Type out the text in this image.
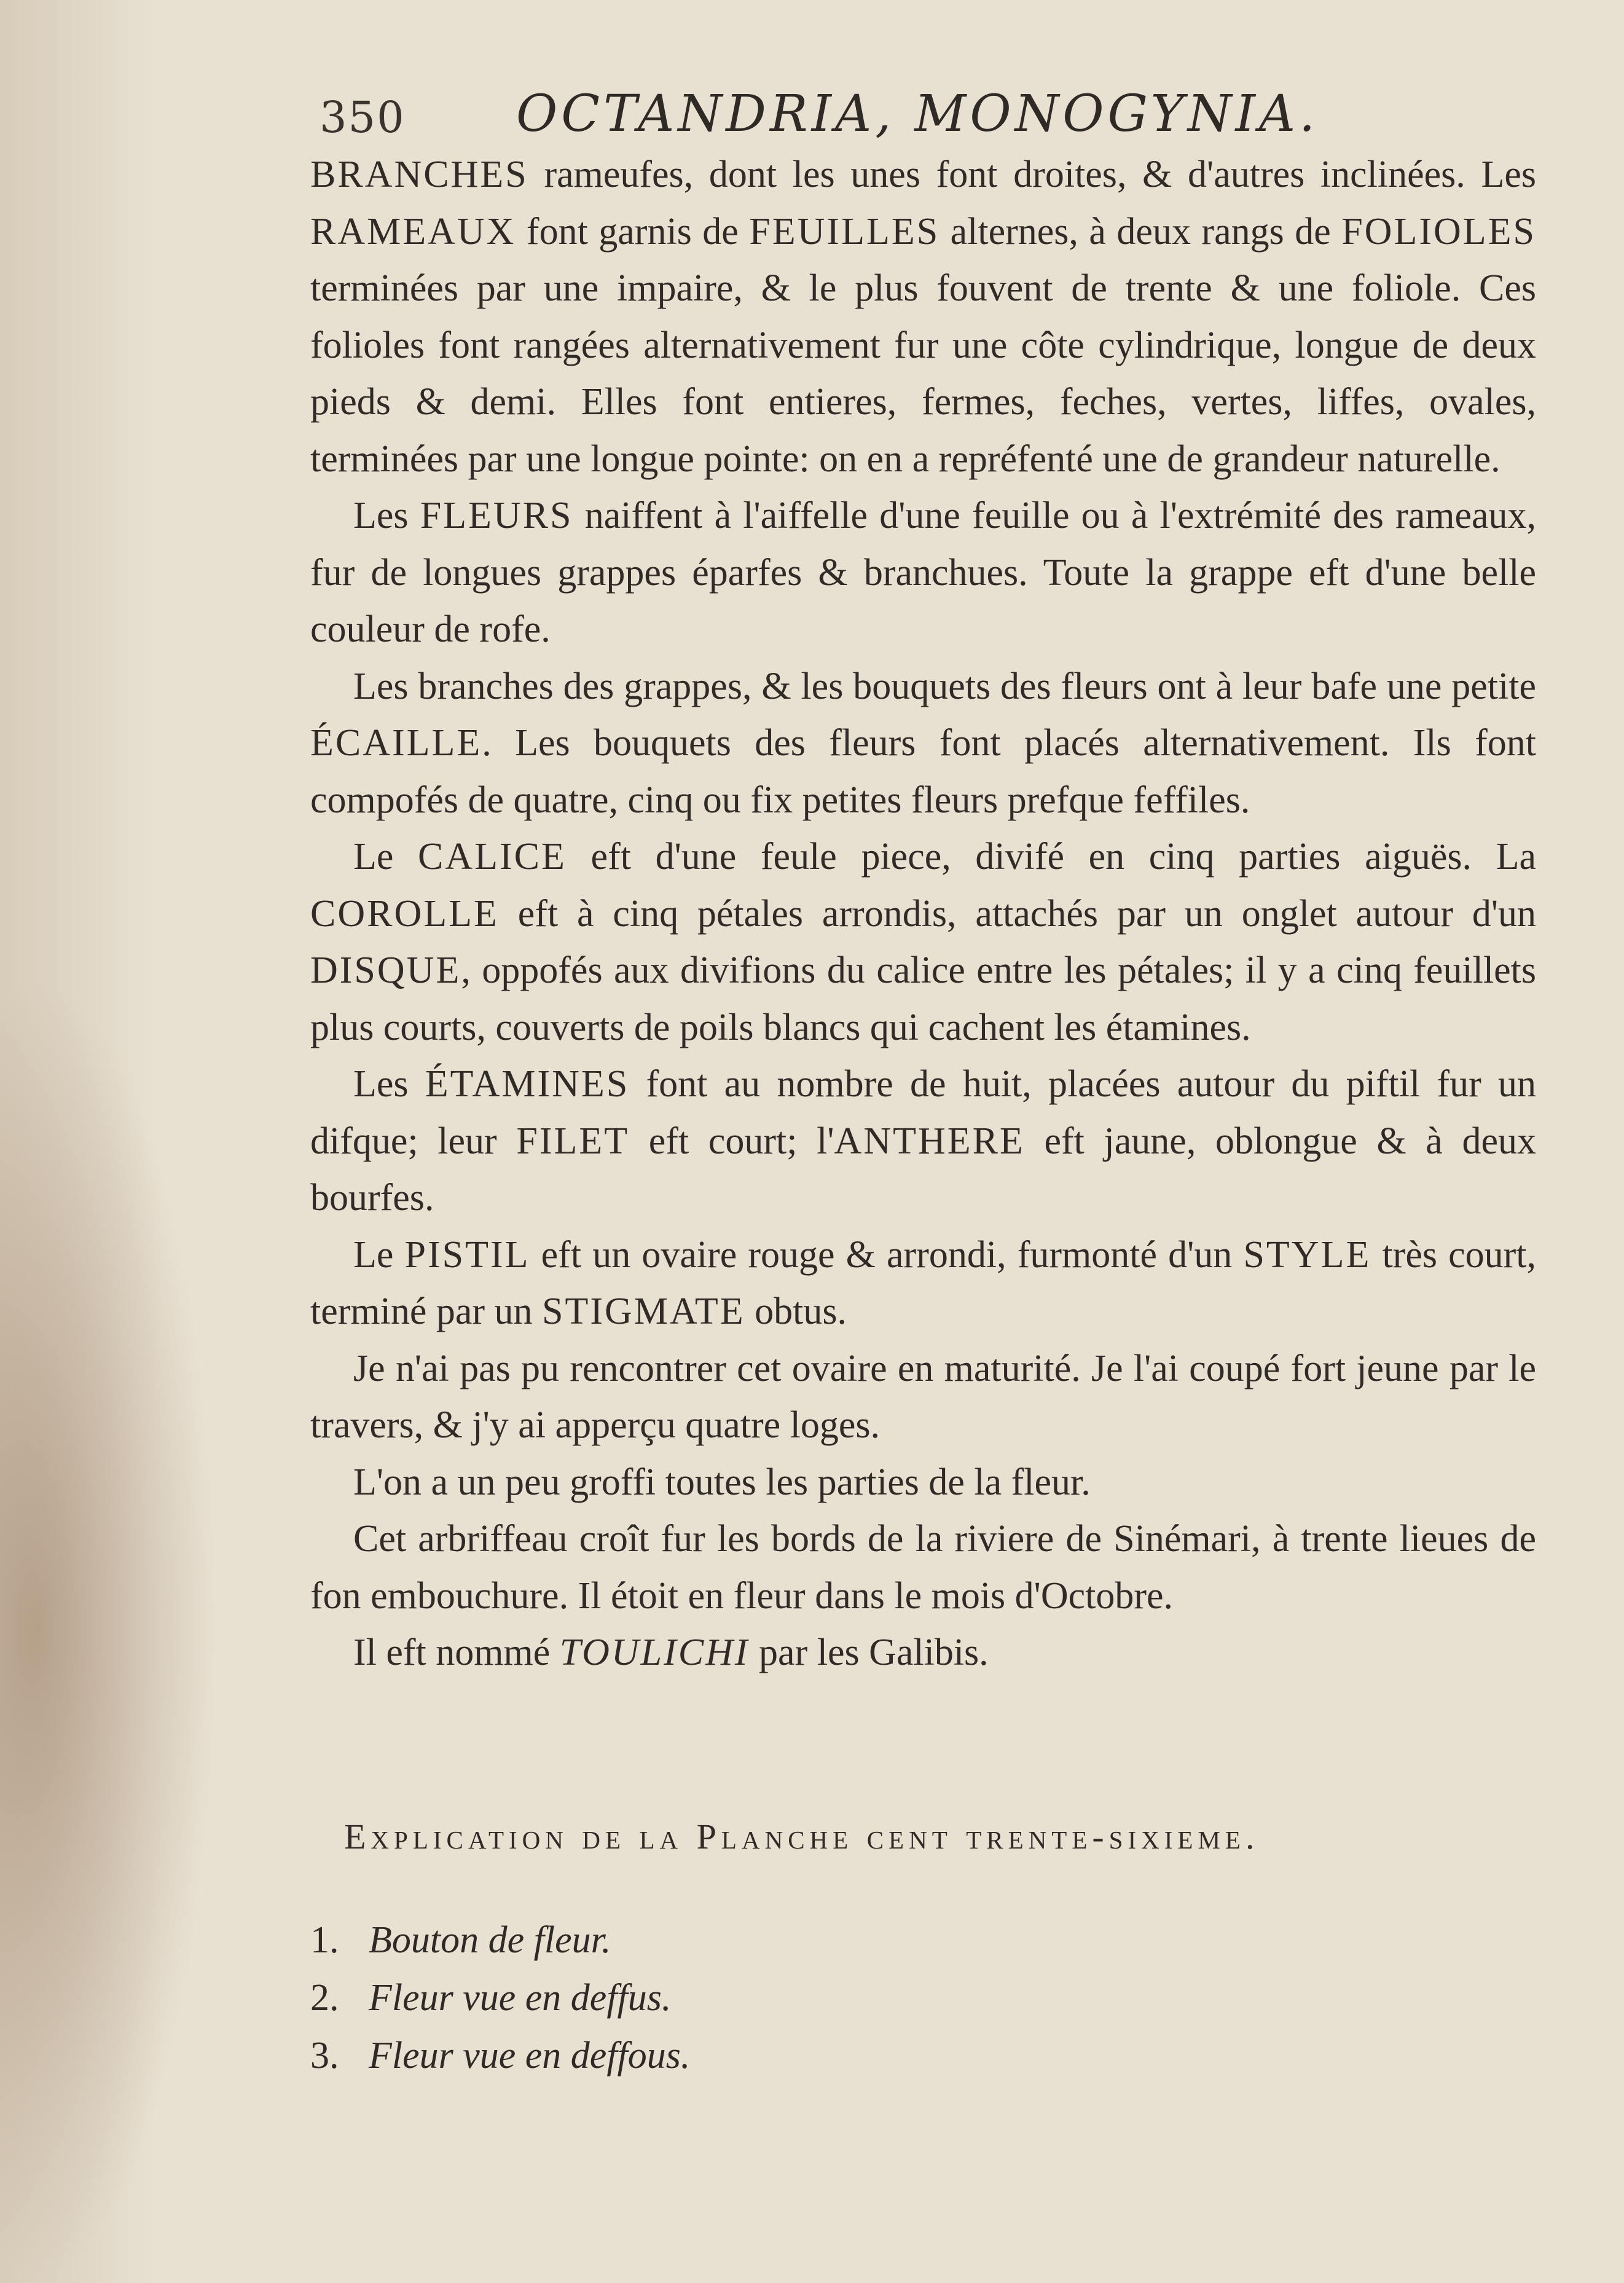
350 OCTANDRIA, MONOGYNIA.

BRANCHES rameufes, dont les unes font droites, & d'autres inclinées. Les RAMEAUX font garnis de FEUILLES alternes, à deux rangs de FOLIOLES terminées par une impaire, & le plus fouvent de trente & une foliole. Ces folioles font rangées alternativement fur une côte cylindrique, longue de deux pieds & demi. Elles font entieres, fermes, feches, vertes, liffes, ovales, terminées par une longue pointe: on en a repréfenté une de grandeur naturelle.

Les FLEURS naiffent à l'aiffelle d'une feuille ou à l'extrémité des rameaux, fur de longues grappes éparfes & branchues. Toute la grappe eft d'une belle couleur de rofe.

Les branches des grappes, & les bouquets des fleurs ont à leur bafe une petite ÉCAILLE. Les bouquets des fleurs font placés alternativement. Ils font compofés de quatre, cinq ou fix petites fleurs prefque feffiles.

Le CALICE eft d'une feule piece, divifé en cinq parties aiguës. La COROLLE eft à cinq pétales arrondis, attachés par un onglet autour d'un DISQUE, oppofés aux divifions du calice entre les pétales; il y a cinq feuillets plus courts, couverts de poils blancs qui cachent les étamines.

Les ÉTAMINES font au nombre de huit, placées autour du piftil fur un difque; leur FILET eft court; l'ANTHERE eft jaune, oblongue & à deux bourfes.

Le PISTIL eft un ovaire rouge & arrondi, furmonté d'un STYLE très court, terminé par un STIGMATE obtus.

Je n'ai pas pu rencontrer cet ovaire en maturité. Je l'ai coupé fort jeune par le travers, & j'y ai apperçu quatre loges.

L'on a un peu groffi toutes les parties de la fleur.

Cet arbriffeau croît fur les bords de la riviere de Sinémari, à trente lieues de fon embouchure. Il étoit en fleur dans le mois d'Octobre.

Il eft nommé TOULICHI par les Galibis.

Explication de la Planche cent trente-sixieme.

1. Bouton de fleur.

2. Fleur vue en deffus.

3. Fleur vue en deffous.
